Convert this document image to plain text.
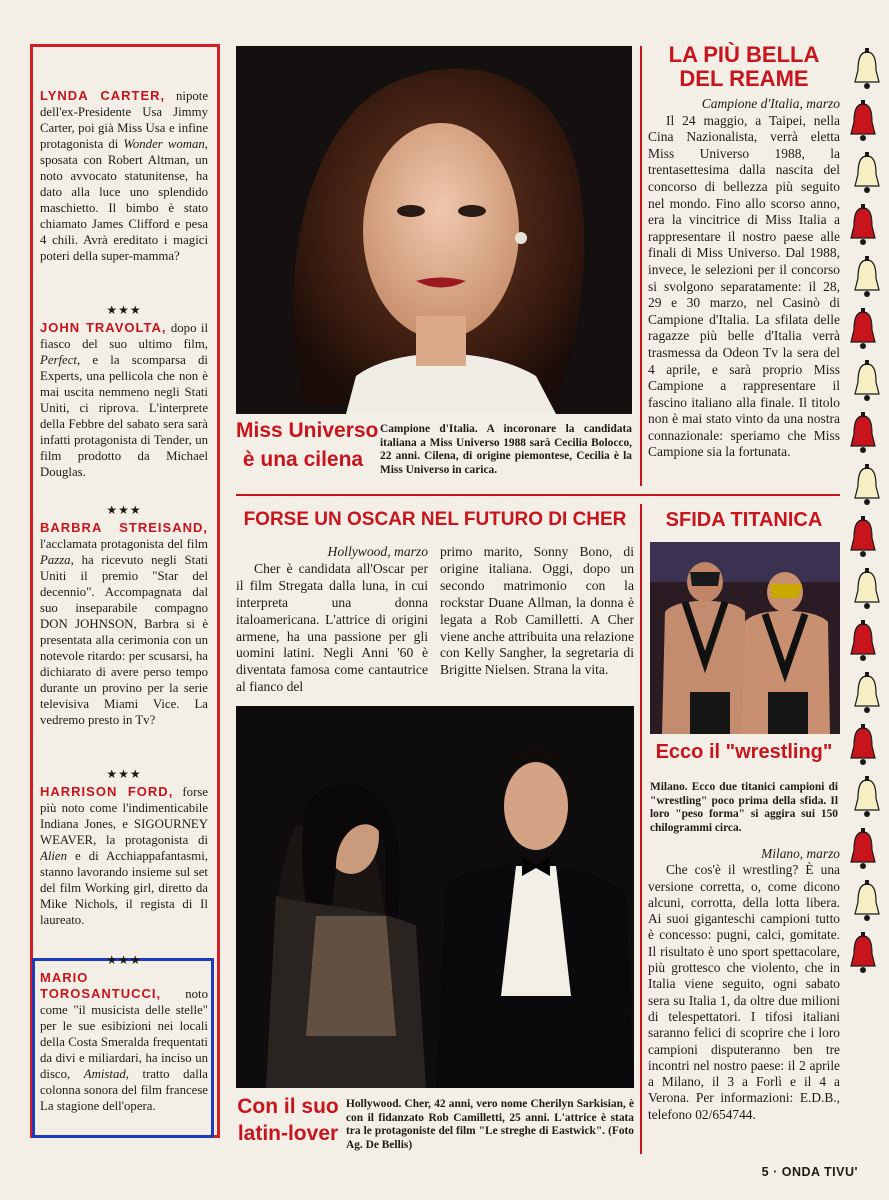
LYNDA CARTER, nipote dell'ex-Presidente Usa Jimmy Carter, poi già Miss Usa e infine protagonista di Wonder woman, sposata con Robert Altman, un noto avvocato statunitense, ha dato alla luce uno splendido maschietto. Il bimbo è stato chiamato James Clifford e pesa 4 chili. Avrà ereditato i magici poteri della super-mamma?
★★★
JOHN TRAVOLTA, dopo il fiasco del suo ultimo film, Perfect, e la scomparsa di Experts, una pellicola che non è mai uscita nemmeno negli Stati Uniti, ci riprova. L'interprete della Febbre del sabato sera sarà infatti protagonista di Tender, un film prodotto da Michael Douglas.
★★★
BARBRA STREISAND, l'acclamata protagonista del film Pazza, ha ricevuto negli Stati Uniti il premio "Star del decennio". Accompagnata dal suo inseparabile compagno DON JOHNSON, Barbra si è presentata alla cerimonia con un notevole ritardo: per scusarsi, ha dichiarato di avere perso tempo durante un provino per la serie televisiva Miami Vice. La vedremo presto in Tv?
★★★
HARRISON FORD, forse più noto come l'indimenticabile Indiana Jones, e SIGOURNEY WEAVER, la protagonista di Alien e di Acchiappafantasmi, stanno lavorando insieme sul set del film Working girl, diretto da Mike Nichols, il regista di Il laureato.
★★★
MARIO TOROSANTUCCI, noto come "il musicista delle stelle" per le sue esibizioni nei locali della Costa Smeralda frequentati da divi e miliardari, ha inciso un disco, Amistad, tratto dalla colonna sonora del film francese La stagione dell'opera.
Miss Universo
è una cilena
Campione d'Italia. A incoronare la candidata italiana a Miss Universo 1988 sarà Cecilia Bolocco, 22 anni. Cilena, di origine piemontese, Cecilia è la Miss Universo in carica.
LA PIÙ BELLA
DEL REAME
Campione d'Italia, marzo

Il 24 maggio, a Taipei, nella Cina Nazionalista, verrà eletta Miss Universo 1988, la trentasettesima dalla nascita del concorso di bellezza più seguito nel mondo. Fino allo scorso anno, era la vincitrice di Miss Italia a rappresentare il nostro paese alle finali di Miss Universo. Dal 1988, invece, le selezioni per il concorso si svolgono separatamente: il 28, 29 e 30 marzo, nel Casinò di Campione d'Italia. La sfilata delle ragazze più belle d'Italia verrà trasmessa da Odeon Tv la sera del 4 aprile, e sarà proprio Miss Campione a rappresentare il fascino italiano alla finale. Il titolo non è mai stato vinto da una nostra connazionale: speriamo che Miss Campione sia la fortunata.

FORSE UN OSCAR NEL FUTURO DI CHER
Hollywood, marzo

Cher è candidata all'Oscar per il film Stregata dalla luna, in cui interpreta una donna italoamericana. L'attrice di origini armene, ha una passione per gli uomini latini. Negli Anni '60 è diventata famosa come cantautrice al fianco del

primo marito, Sonny Bono, di origine italiana. Oggi, dopo un secondo matrimonio con la rockstar Duane Allman, la donna è legata a Rob Camilletti. A Cher viene anche attribuita una relazione con Kelly Sangher, la segretaria di Brigitte Nielsen. Strana la vita.

Con il suo
latin-lover
Hollywood. Cher, 42 anni, vero nome Cherilyn Sarkisian, è con il fidanzato Rob Camilletti, 25 anni. L'attrice è stata tra le protagoniste del film "Le streghe di Eastwick". (Foto Ag. De Bellis)
SFIDA TITANICA
Ecco il "wrestling"
Milano. Ecco due titanici campioni di "wrestling" poco prima della sfida. Il loro "peso forma" si aggira sui 150 chilogrammi circa.
Milano, marzo

Che cos'è il wrestling? È una versione corretta, o, come dicono alcuni, corrotta, della lotta libera. Ai suoi giganteschi campioni tutto è concesso: pugni, calci, gomitate. Il risultato è uno sport spettacolare, più grottesco che violento, che in Italia viene seguito, ogni sabato sera su Italia 1, da oltre due milioni di telespettatori. I tifosi italiani saranno felici di scoprire che i loro campioni disputeranno ben tre incontri nel nostro paese: il 2 aprile a Milano, il 3 a Forlì e il 4 a Verona. Per informazioni: E.D.B., telefono 02/654744.

5 · ONDA TIVU'
